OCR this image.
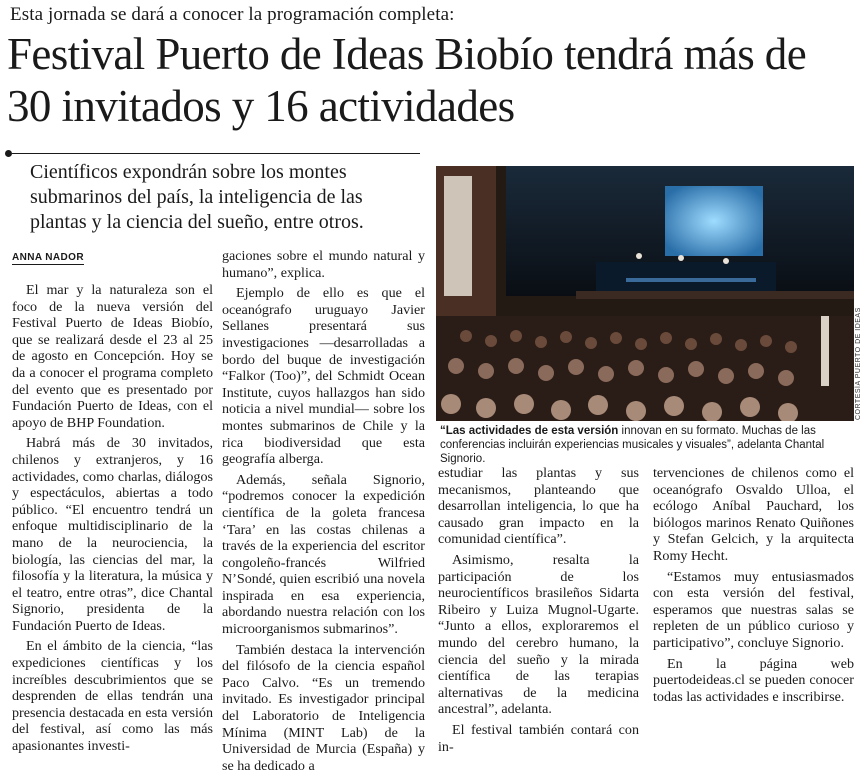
Esta jornada se dará a conocer la programación completa:
Festival Puerto de Ideas Biobío tendrá más de 30 invitados y 16 actividades

Científicos expondrán sobre los montes submarinos del país, la inteligencia de las plantas y la ciencia del sueño, entre otros.

ANNA NADOR

El mar y la naturaleza son el foco de la nueva versión del Festival Puerto de Ideas Biobío, que se realizará desde el 23 al 25 de agosto en Concepción. Hoy se da a conocer el programa completo del evento que es presentado por Fundación Puerto de Ideas, con el apoyo de BHP Foundation.

Habrá más de 30 invitados, chilenos y extranjeros, y 16 actividades, como charlas, diálogos y espectáculos, abiertas a todo público. “El encuentro tendrá un enfoque multidisciplinario de la mano de la neurociencia, la biología, las ciencias del mar, la filosofía y la literatura, la música y el teatro, entre otras”, dice Chantal Signorio, presidenta de la Fundación Puerto de Ideas.

En el ámbito de la ciencia, “las expediciones científicas y los increíbles descubrimientos que se desprenden de ellas tendrán una presencia destacada en esta versión del festival, así como las más apasionantes investi-

gaciones sobre el mundo natural y humano”, explica.

Ejemplo de ello es que el oceanógrafo uruguayo Javier Sellanes presentará sus investigaciones —desarrolladas a bordo del buque de investigación “Falkor (Too)”, del Schmidt Ocean Institute, cuyos hallazgos han sido noticia a nivel mundial— sobre los montes submarinos de Chile y la rica biodiversidad que esta geografía alberga.

Además, señala Signorio, “podremos conocer la expedición científica de la goleta francesa ‘Tara’ en las costas chilenas a través de la experiencia del escritor congoleño-francés Wilfried N’Sondé, quien escribió una novela inspirada en esa experiencia, abordando nuestra relación con los microorganismos submarinos”.

También destaca la intervención del filósofo de la ciencia español Paco Calvo. “Es un tremendo invitado. Es investigador principal del Laboratorio de Inteligencia Mínima (MINT Lab) de la Universidad de Murcia (España) y se ha dedicado a

CORTESÍA PUERTO DE IDEAS

“Las actividades de esta versión innovan en su formato. Muchas de las conferencias incluirán experiencias musicales y visuales”, adelanta Chantal Signorio.

estudiar las plantas y sus mecanismos, planteando que desarrollan inteligencia, lo que ha causado gran impacto en la comunidad científica”.

Asimismo, resalta la participación de los neurocientíficos brasileños Sidarta Ribeiro y Luiza Mugnol-Ugarte. “Junto a ellos, exploraremos el mundo del cerebro humano, la ciencia del sueño y la mirada científica de las terapias alternativas de la medicina ancestral”, adelanta.

El festival también contará con in-

tervenciones de chilenos como el oceanógrafo Osvaldo Ulloa, el ecólogo Aníbal Pauchard, los biólogos marinos Renato Quiñones y Stefan Gelcich, y la arquitecta Romy Hecht.

“Estamos muy entusiasmados con esta versión del festival, esperamos que nuestras salas se repleten de un público curioso y participativo”, concluye Signorio.

En la página web puertodeideas.cl se pueden conocer todas las actividades e inscribirse.
